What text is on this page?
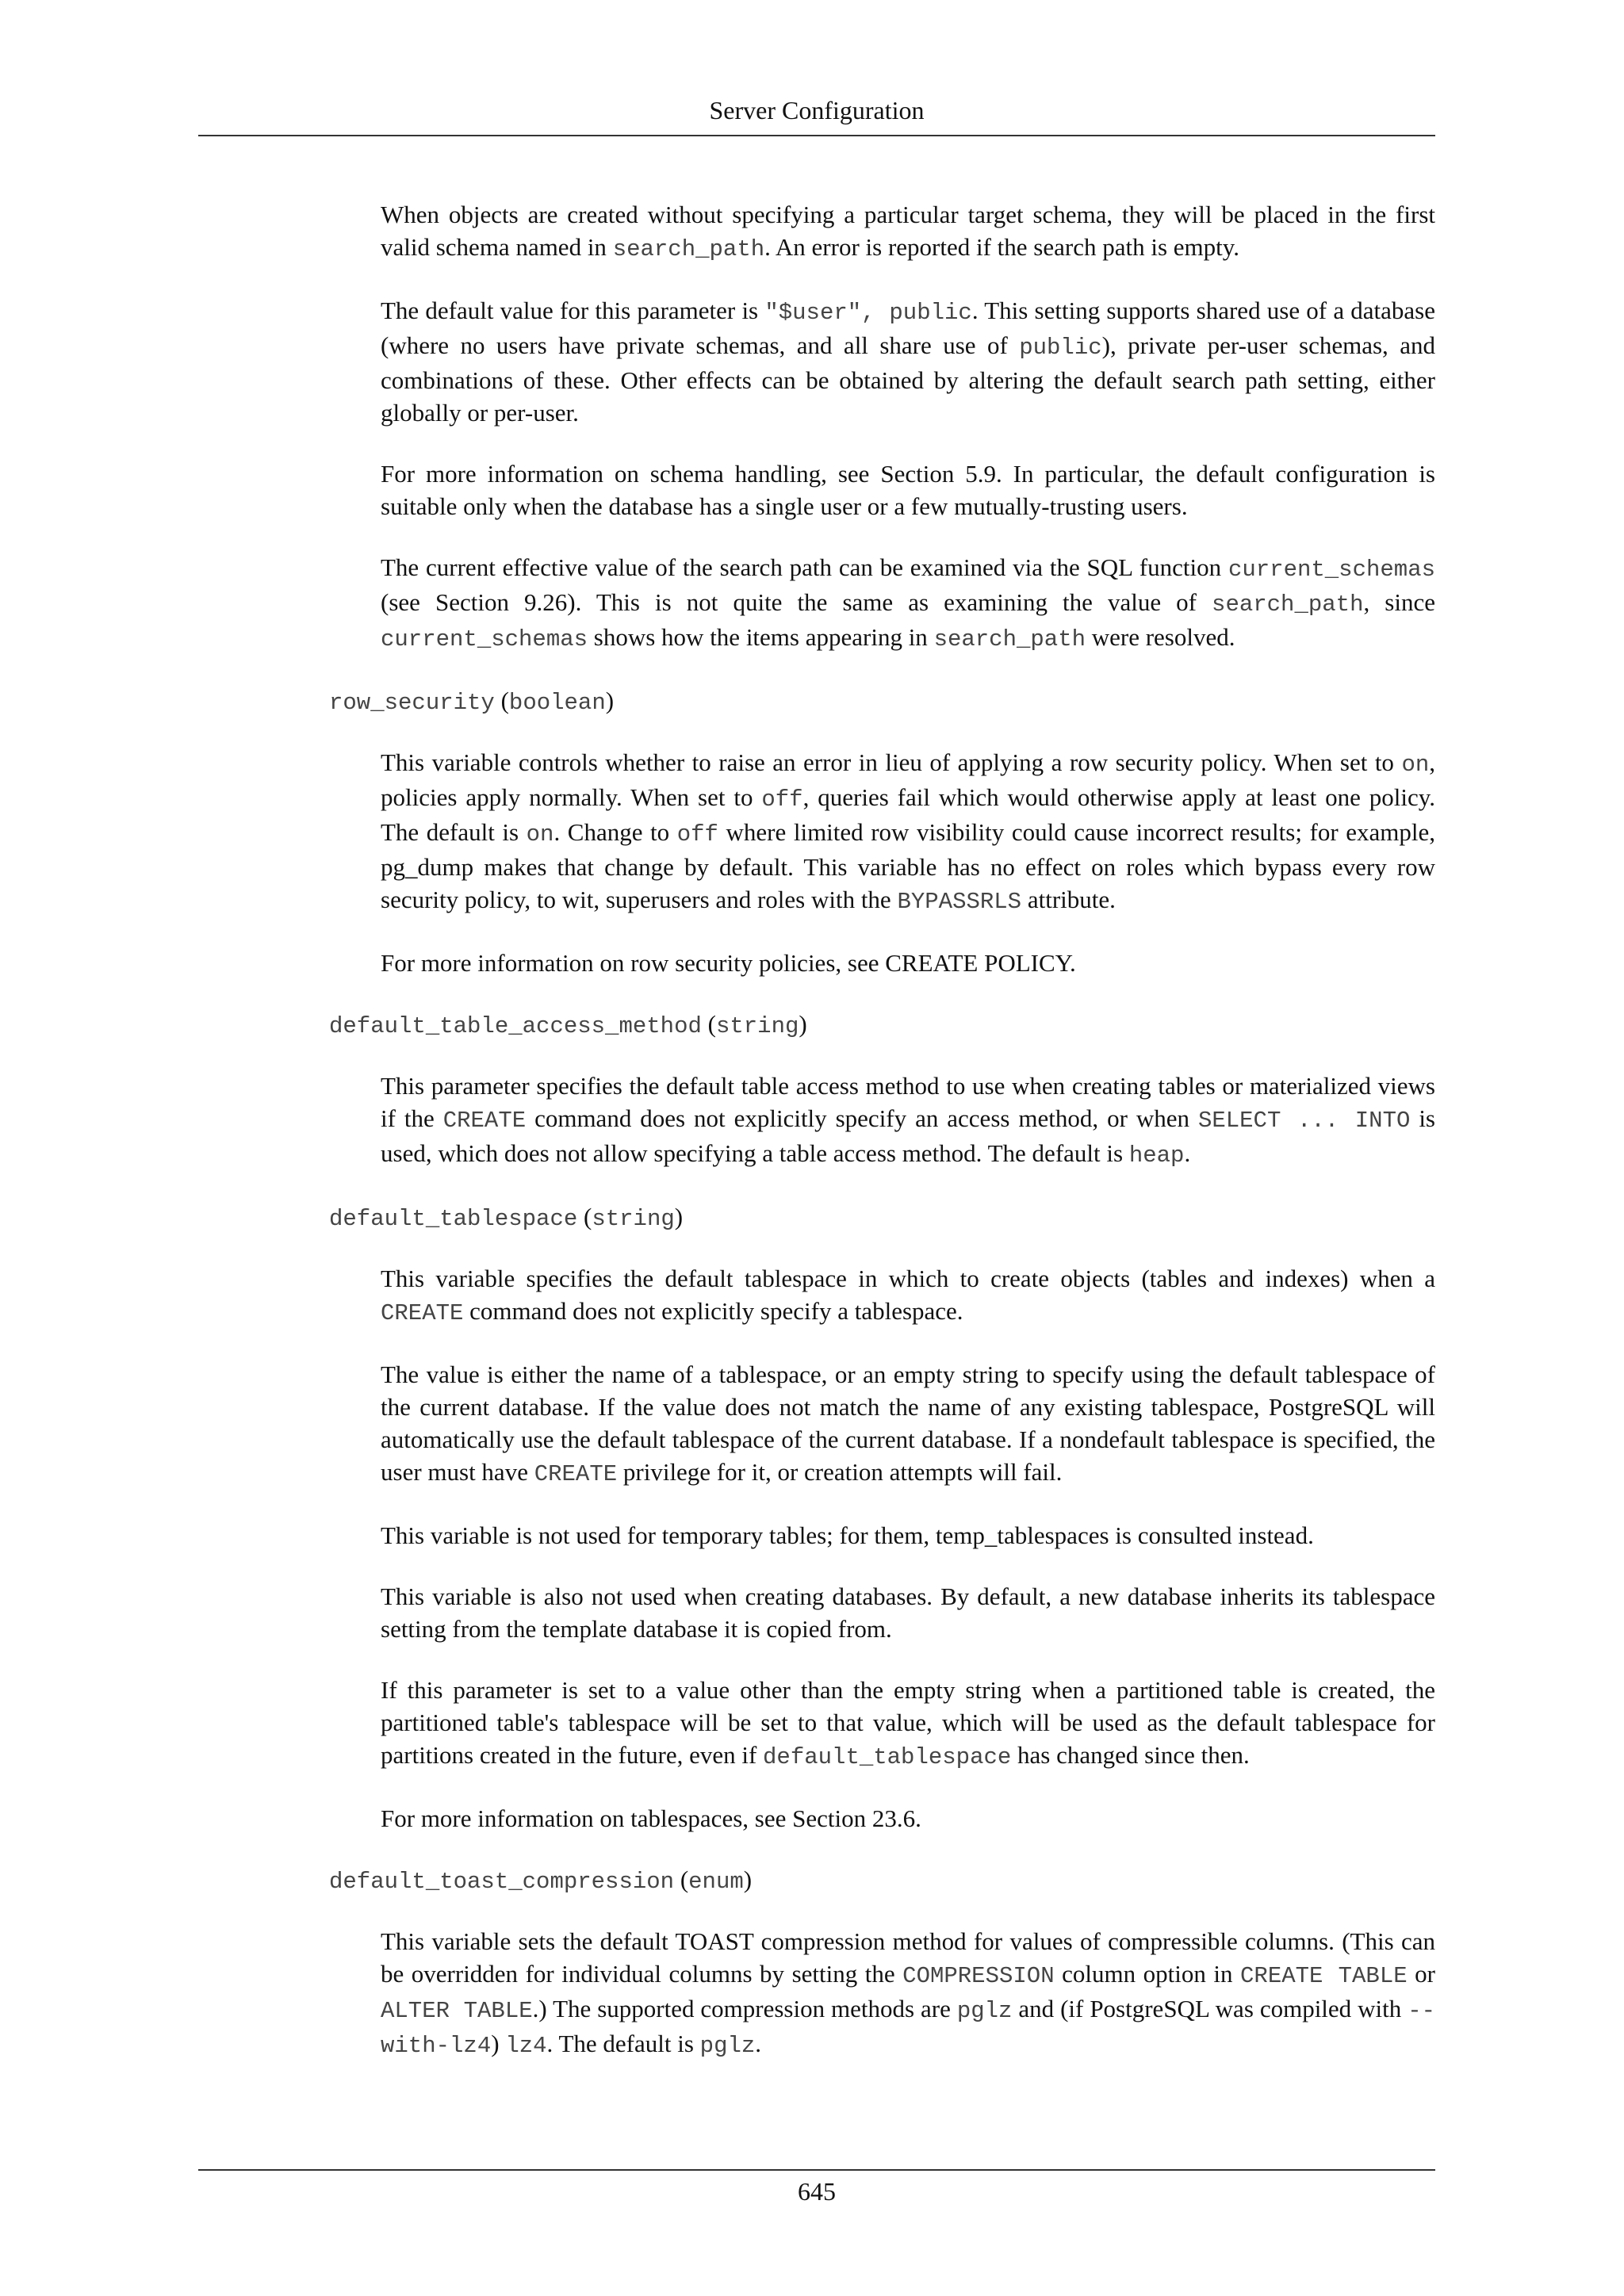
Server Configuration

When objects are created without specifying a particular target schema, they will be placed in the first valid schema named in search_path. An error is reported if the search path is empty.

The default value for this parameter is "$user", public. This setting supports shared use of a database (where no users have private schemas, and all share use of public), private per-user schemas, and combinations of these. Other effects can be obtained by altering the default search path setting, either globally or per-user.

For more information on schema handling, see Section 5.9. In particular, the default configuration is suitable only when the database has a single user or a few mutually-trusting users.

The current effective value of the search path can be examined via the SQL function current_schemas (see Section 9.26). This is not quite the same as examining the value of search_path, since current_schemas shows how the items appearing in search_path were resolved.

row_security (boolean)

This variable controls whether to raise an error in lieu of applying a row security policy. When set to on, policies apply normally. When set to off, queries fail which would otherwise apply at least one policy. The default is on. Change to off where limited row visibility could cause incorrect results; for example, pg_dump makes that change by default. This variable has no effect on roles which bypass every row security policy, to wit, superusers and roles with the BYPASSRLS attribute.

For more information on row security policies, see CREATE POLICY.

default_table_access_method (string)

This parameter specifies the default table access method to use when creating tables or materialized views if the CREATE command does not explicitly specify an access method, or when SELECT ... INTO is used, which does not allow specifying a table access method. The default is heap.

default_tablespace (string)

This variable specifies the default tablespace in which to create objects (tables and indexes) when a CREATE command does not explicitly specify a tablespace.

The value is either the name of a tablespace, or an empty string to specify using the default tablespace of the current database. If the value does not match the name of any existing tablespace, PostgreSQL will automatically use the default tablespace of the current database. If a nondefault tablespace is specified, the user must have CREATE privilege for it, or creation attempts will fail.

This variable is not used for temporary tables; for them, temp_tablespaces is consulted instead.

This variable is also not used when creating databases. By default, a new database inherits its tablespace setting from the template database it is copied from.

If this parameter is set to a value other than the empty string when a partitioned table is created, the partitioned table's tablespace will be set to that value, which will be used as the default tablespace for partitions created in the future, even if default_tablespace has changed since then.

For more information on tablespaces, see Section 23.6.

default_toast_compression (enum)

This variable sets the default TOAST compression method for values of compressible columns. (This can be overridden for individual columns by setting the COMPRESSION column option in CREATE TABLE or ALTER TABLE.) The supported compression methods are pglz and (if PostgreSQL was compiled with --with-lz4) lz4. The default is pglz.

645
